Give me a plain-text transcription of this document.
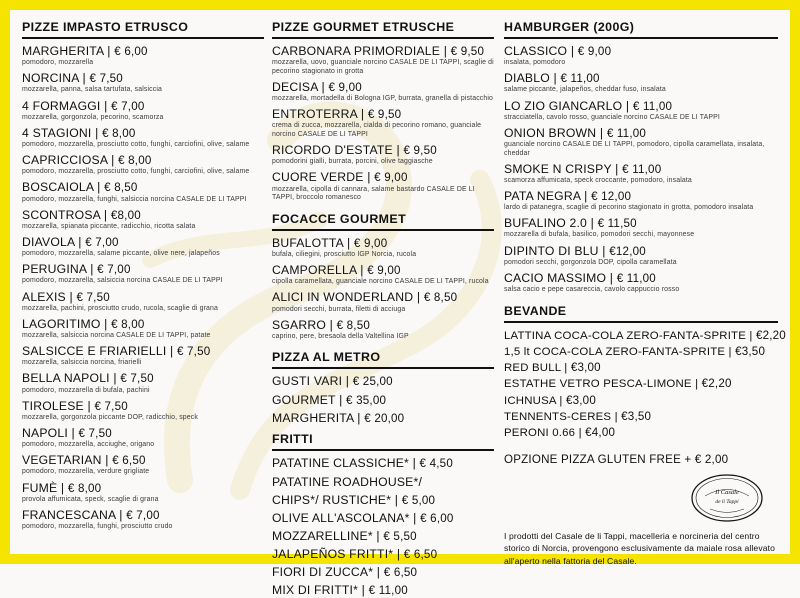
PIZZE IMPASTO ETRUSCO
MARGHERITA | € 6,00
pomodoro, mozzarella
NORCINA | € 7,50
mozzarella, panna, salsa tartufata, salsiccia
4 FORMAGGI | € 7,00
mozzarella, gorgonzola, pecorino, scamorza
4 STAGIONI | € 8,00
pomodoro, mozzarella, prosciutto cotto, funghi, carciofini, olive, salame
CAPRICCIOSA | € 8,00
pomodoro, mozzarella, prosciutto cotto, funghi, carciofini, olive, salame
BOSCAIOLA | € 8,50
pomodoro, mozzarella, funghi, salsiccia norcina CASALE DE LI TAPPI
SCONTROSA | €8,00
mozzarella, spianata piccante, radicchio, ricotta salata
DIAVOLA | € 7,00
pomodoro, mozzarella, salame piccante, olive nere, jalapeños
PERUGINA | € 7,00
pomodoro, mozzarella, salsiccia norcina CASALE DE LI TAPPI
ALEXIS | € 7,50
mozzarella, pachini, prosciutto crudo, rucola, scaglie di grana
LAGORITIMO | € 8,00
mozzarella, salsiccia norcina CASALE DE LI TAPPI, patate
SALSICCE E FRIARIELLI | € 7,50
mozzarella, salsiccia norcina, friarielli
BELLA NAPOLI | € 7,50
pomodoro, mozzarella di bufala, pachini
TIROLESE | € 7,50
mozzarella, gorgonzola piccante DOP, radicchio, speck
NAPOLI | € 7,50
pomodoro, mozzarella, acciughe, origano
VEGETARIAN | € 6,50
pomodoro, mozzarella, verdure grigliate
FUMÈ | € 8,00
provola affumicata, speck, scaglie di grana
FRANCESCANA | € 7,00
pomodoro, mozzarella, funghi, prosciutto crudo
PIZZE GOURMET ETRUSCHE
CARBONARA PRIMORDIALE | € 9,50
mozzarella, uovo, guanciale norcino CASALE DE LI TAPPI, scaglie di pecorino stagionato in grotta
DECISA | € 9,00
mozzarella, mortadella di Bologna IGP, burrata, granella di pistacchio
ENTROTERRA | € 9,50
crema di zucca, mozzarella, cialda di pecorino romano, guanciale norcino CASALE DE LI TAPPI
RICORDO D'ESTATE | € 9,50
pomodorini gialli, burrata, porcini, olive taggiasche
CUORE VERDE | € 9,00
mozzarella, cipolla di cannara, salame bastardo CASALE DE LI TAPPI, broccolo romanesco
FOCACCE GOURMET
BUFALOTTA | € 9,00
bufala, ciliegini, prosciutto IGP Norcia, rucola
CAMPORELLA | € 9,00
cipolla caramellata, guanciale norcino CASALE DE LI TAPPI, rucola
ALICI IN WONDERLAND | € 8,50
pomodori secchi, burrata, filetti di acciuga
SGARRO | € 8,50
caprino, pere, bresaola della Valtellina IGP
PIZZA AL METRO
GUSTI VARI | € 25,00
GOURMET | € 35,00
MARGHERITA | € 20,00
FRITTI
PATATINE CLASSICHE* | € 4,50
PATATINE ROADHOUSE*/
CHIPS*/ RUSTICHE* | € 5,00
OLIVE ALL'ASCOLANA* | € 6,00
MOZZARELLINE* | € 5,50
JALAPEÑOS FRITTI* | € 6,50
FIORI DI ZUCCA* | € 6,50
MIX DI FRITTI* | € 11,00
HAMBURGER (200G)
CLASSICO | € 9,00
insalata, pomodoro
DIABLO | € 11,00
salame piccante, jalapeños, cheddar fuso, insalata
LO ZIO GIANCARLO | € 11,00
stracciatella, cavolo rosso, guanciale norcino CASALE DE LI TAPPI
ONION BROWN | € 11,00
guanciale norcino CASALE DE LI TAPPI, pomodoro, cipolla caramellata, insalata, cheddar
SMOKE N CRISPY | € 11,00
scamorza affumicata, speck croccante, pomodoro, insalata
PATA NEGRA | € 12,00
lardo di patanegra, scaglie di pecorino stagionato in grotta, pomodoro insalata
BUFALINO 2.0 | € 11,50
mozzarella di bufala, basilico, pomodori secchi, mayonnese
DIPINTO DI BLU | €12,00
pomodori secchi, gorgonzola DOP, cipolla caramellata
CACIO MASSIMO | € 11,00
salsa cacio e pepe casareccia, cavolo cappuccio rosso
BEVANDE
LATTINA COCA-COLA ZERO-FANTA-SPRITE | €2,20
1,5 lt COCA-COLA ZERO-FANTA-SPRITE | €3,50
RED BULL | €3,00
ESTATHE VETRO PESCA-LIMONE | €2,20
ICHNUSA | €3,00
TENNENTS-CERES | €3,50
PERONI 0.66 | €4,00
OPZIONE PIZZA GLUTEN FREE + € 2,00
Il Casale
de li Tappi
I prodotti del Casale de li Tappi, macelleria e norcineria del centro storico di Norcia, provengono esclusivamente da maiale rosa allevato all'aperto nella fattoria del Casale.
